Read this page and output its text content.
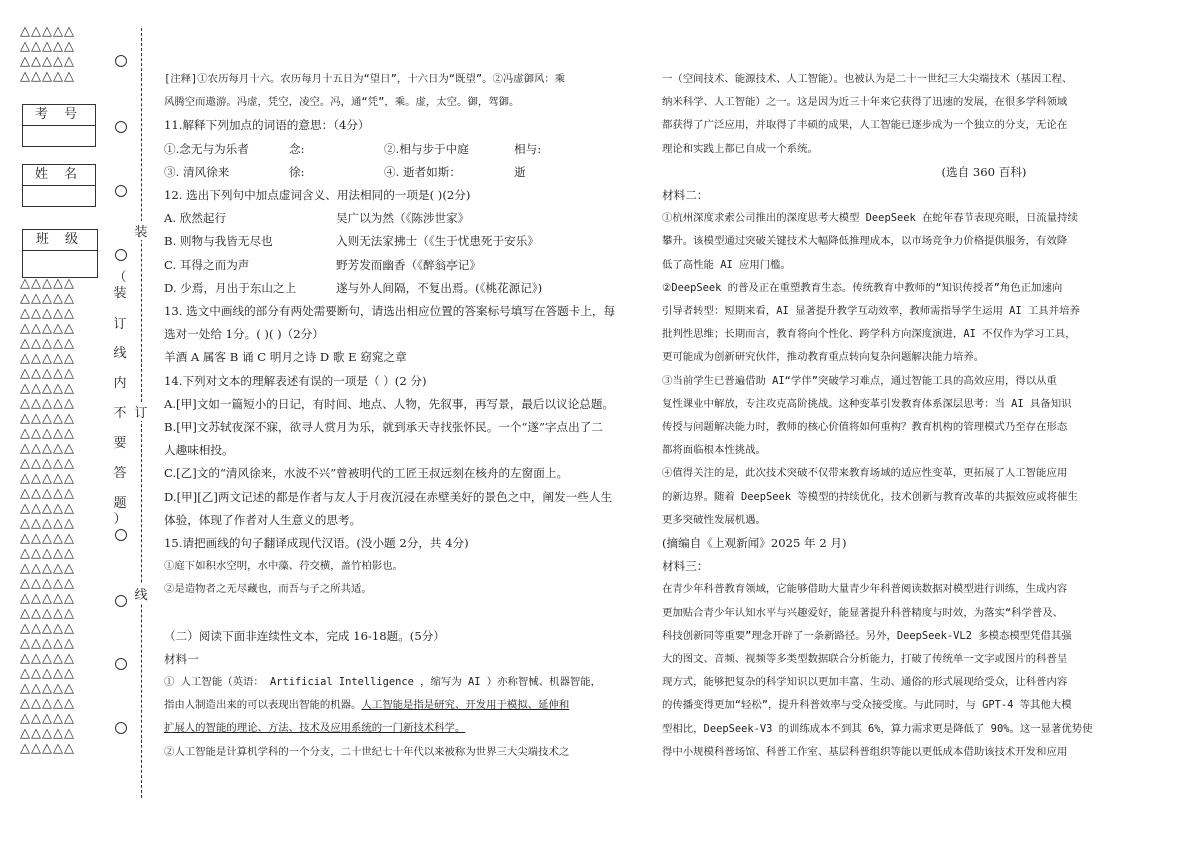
△△△△△
△△△△△
△△△△△
△△△△△
考 号
姓 名
班 级
△△△△△
△△△△△
△△△△△
△△△△△
△△△△△
△△△△△
△△△△△
△△△△△
△△△△△
△△△△△
△△△△△
△△△△△
△△△△△
△△△△△
△△△△△
△△△△△
△△△△△
△△△△△
△△△△△
△△△△△
△△△△△
△△△△△
△△△△△
△△△△△
△△△△△
△△△△△
△△△△△
△△△△△
△△△△△
△△△△△
△△△△△
△△△△△
装
订
线
（
装
订
线
内
不
要
答
题
）

[注释]①农历每月十六。农历每月十五日为“望日”，十六日为“既望”。②冯虚御风：乘

风腾空而遨游。冯虚，凭空，凌空。冯，通“凭”，乘。虚，太空。御，驾御。

11.解释下列加点的词语的意思：（4分）

①.念无与为乐者	念:	②.相与步于中庭	相与:
③. 清风徐来	徐:	④. 逝者如斯：	逝

12. 选出下列句中加点虚词含义、用法相同的一项是( )(2分)

A. 欣然起行	吴广以为然（《陈涉世家》
B. 则物与我皆无尽也	入则无法家拂士（《生于忧患死于安乐》
C. 耳得之而为声	野芳发而幽香（《醉翁亭记》
D. 少焉，月出于东山之上	遂与外人间隔，不复出焉。(《桃花源记》)

13. 选文中画线的部分有两处需要断句，请选出相应位置的答案标号填写在答题卡上，每

选对一处给 1分。( )( )（2分）

羊酒 A 属客 B 诵 C 明月之诗 D 歌 E 窈窕之章

14.下列对文本的理解表述有误的一项是（ ）(2 分)

A.[甲]文如一篇短小的日记，有时间、地点、人物，先叙事，再写景，最后以议论总题。

B.[甲]文苏轼夜深不寐，欲寻人赏月为乐，就到承天寺找张怀民。一个“遂”字点出了二

人趣味相投。

C.[乙]文的“清风徐来，水波不兴”曾被明代的工匠王叔远刻在核舟的左窗面上。

D.[甲][乙]两文记述的都是作者与友人于月夜沉浸在赤壁美好的景色之中，阐发一些人生

体验，体现了作者对人生意义的思考。

15.请把画线的句子翻译成现代汉语。(没小题 2分，共 4分)

①庭下如积水空明，水中藻、荇交横，盖竹柏影也。

②是造物者之无尽藏也，而吾与子之所共适。

（二）阅读下面非连续性文本，完成 16-18题。(5分）

材料一

① 人工智能（英语： Artificial Intelligence ，缩写为 AI ）亦称智械、机器智能，

指由人制造出来的可以表现出智能的机器。人工智能是指是研究、开发用于模拟、延伸和

扩展人的智能的理论、方法、技术及应用系统的一门新技术科学。

②人工智能是计算机学科的一个分支，二十世纪七十年代以来被称为世界三大尖端技术之

一（空间技术、能源技术、人工智能）。也被认为是二十一世纪三大尖端技术（基因工程、

纳米科学、人工智能）之一。这是因为近三十年来它获得了迅速的发展，在很多学科领域

都获得了广泛应用，并取得了丰硕的成果，人工智能已逐步成为一个独立的分支，无论在

理论和实践上都已自成一个系统。

(选自 360 百科)

材料二：

①杭州深度求索公司推出的深度思考大模型 DeepSeek 在蛇年春节表现亮眼，日流量持续

攀升。该模型通过突破关键技术大幅降低推理成本，以市场竞争力价格提供服务，有效降

低了高性能 AI 应用门槛。

②DeepSeek 的普及正在重塑教育生态。传统教育中教师的“知识传授者”角色正加速向

引导者转型：短期来看，AI 显著提升教学互动效率，教师需指导学生运用 AI 工具并培养

批判性思维；长期而言，教育将向个性化、跨学科方向深度演进，AI 不仅作为学习工具，

更可能成为创新研究伙伴，推动教育重点转向复杂问题解决能力培养。

③当前学生已普遍借助 AI“学伴”突破学习难点，通过智能工具的高效应用，得以从重

复性课业中解放，专注攻克高阶挑战。这种变革引发教育体系深层思考：当 AI 具备知识

传授与问题解决能力时，教师的核心价值将如何重构？教育机构的管理模式乃至存在形态

都将面临根本性挑战。

④值得关注的是，此次技术突破不仅带来教育场域的适应性变革，更拓展了人工智能应用

的新边界。随着 DeepSeek 等模型的持续优化，技术创新与教育改革的共振效应或将催生

更多突破性发展机遇。

(摘编自《上观新闻》2025 年 2 月)

材料三：

在青少年科普教育领域，它能够借助大量青少年科普阅读数据对模型进行训练，生成内容

更加贴合青少年认知水平与兴趣爱好，能显著提升科普精度与时效，为落实“科学普及、

科技创新同等重要”理念开辟了一条新路径。另外，DeepSeek-VL2 多模态模型凭借其强

大的图文、音频、视频等多类型数据联合分析能力，打破了传统单一文字或图片的科普呈

现方式，能够把复杂的科学知识以更加丰富、生动、通俗的形式展现给受众，让科普内容

的传播变得更加“轻松”，提升科普效率与受众接受度。与此同时，与 GPT-4 等其他大模

型相比，DeepSeek-V3 的训练成本不到其 6%，算力需求更是降低了 90%。这一显著优势使

得中小规模科普场馆、科普工作室、基层科普组织等能以更低成本借助该技术开发和应用
